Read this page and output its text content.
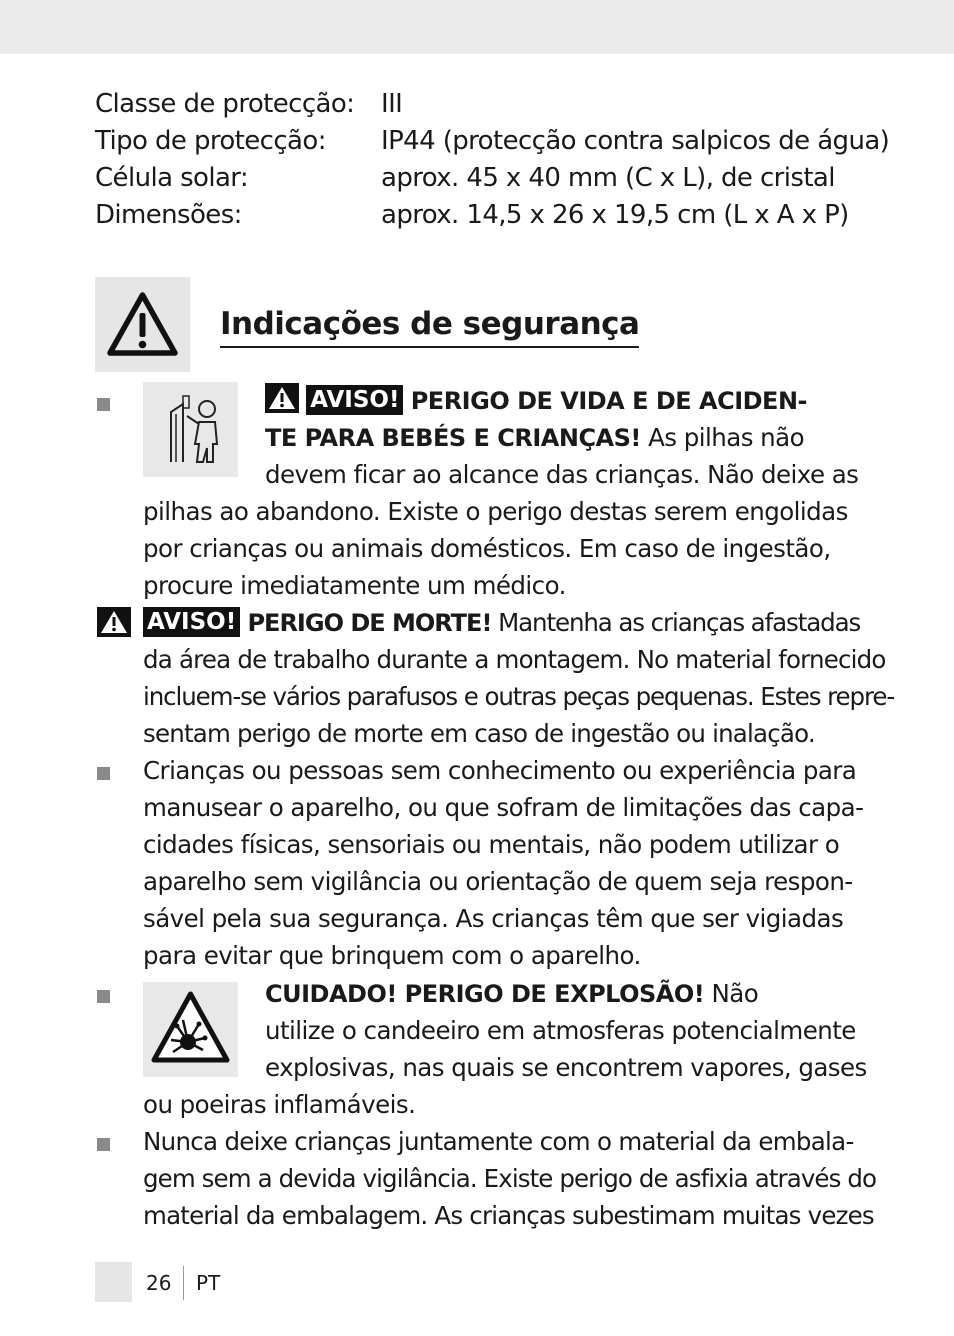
Classe de protecção: III
Tipo de protecção: IP44 (protecção contra salpicos de água)
Célula solar:	aprox. 45 x 40 mm (C x L), de cristal
Dimensões:	aprox. 14,5 x 26 x 19,5 cm (L x A x P)
Indicações de segurança
AVISO! PERIGO DE VIDA E DE ACIDEN-
TE PARA BEBÉS E CRIANÇAS! As pilhas não
devem ficar ao alcance das crianças. Não deixe as
pilhas ao abandono. Existe o perigo destas serem engolidas
por crianças ou animais domésticos. Em caso de ingestão,
procure imediatamente um médico.
AVISO! PERIGO DE MORTE! Mantenha as crianças afastadas
da área de trabalho durante a montagem. No material fornecido
incluem-se vários parafusos e outras peças pequenas. Estes repre-
sentam perigo de morte em caso de ingestão ou inalação.
Crianças ou pessoas sem conhecimento ou experiência para
manusear o aparelho, ou que sofram de limitações das capa-
cidades físicas, sensoriais ou mentais, não podem utilizar o
aparelho sem vigilância ou orientação de quem seja respon-
sável pela sua segurança. As crianças têm que ser vigiadas
para evitar que brinquem com o aparelho.
CUIDADO! PERIGO DE EXPLOSÃO! Não
utilize o candeeiro em atmosferas potencialmente
explosivas, nas quais se encontrem vapores, gases
ou poeiras inflamáveis.
Nunca deixe crianças juntamente com o material da embala-
gem sem a devida vigilância. Existe perigo de asfixia através do
material da embalagem. As crianças subestimam muitas vezes
26 PT
